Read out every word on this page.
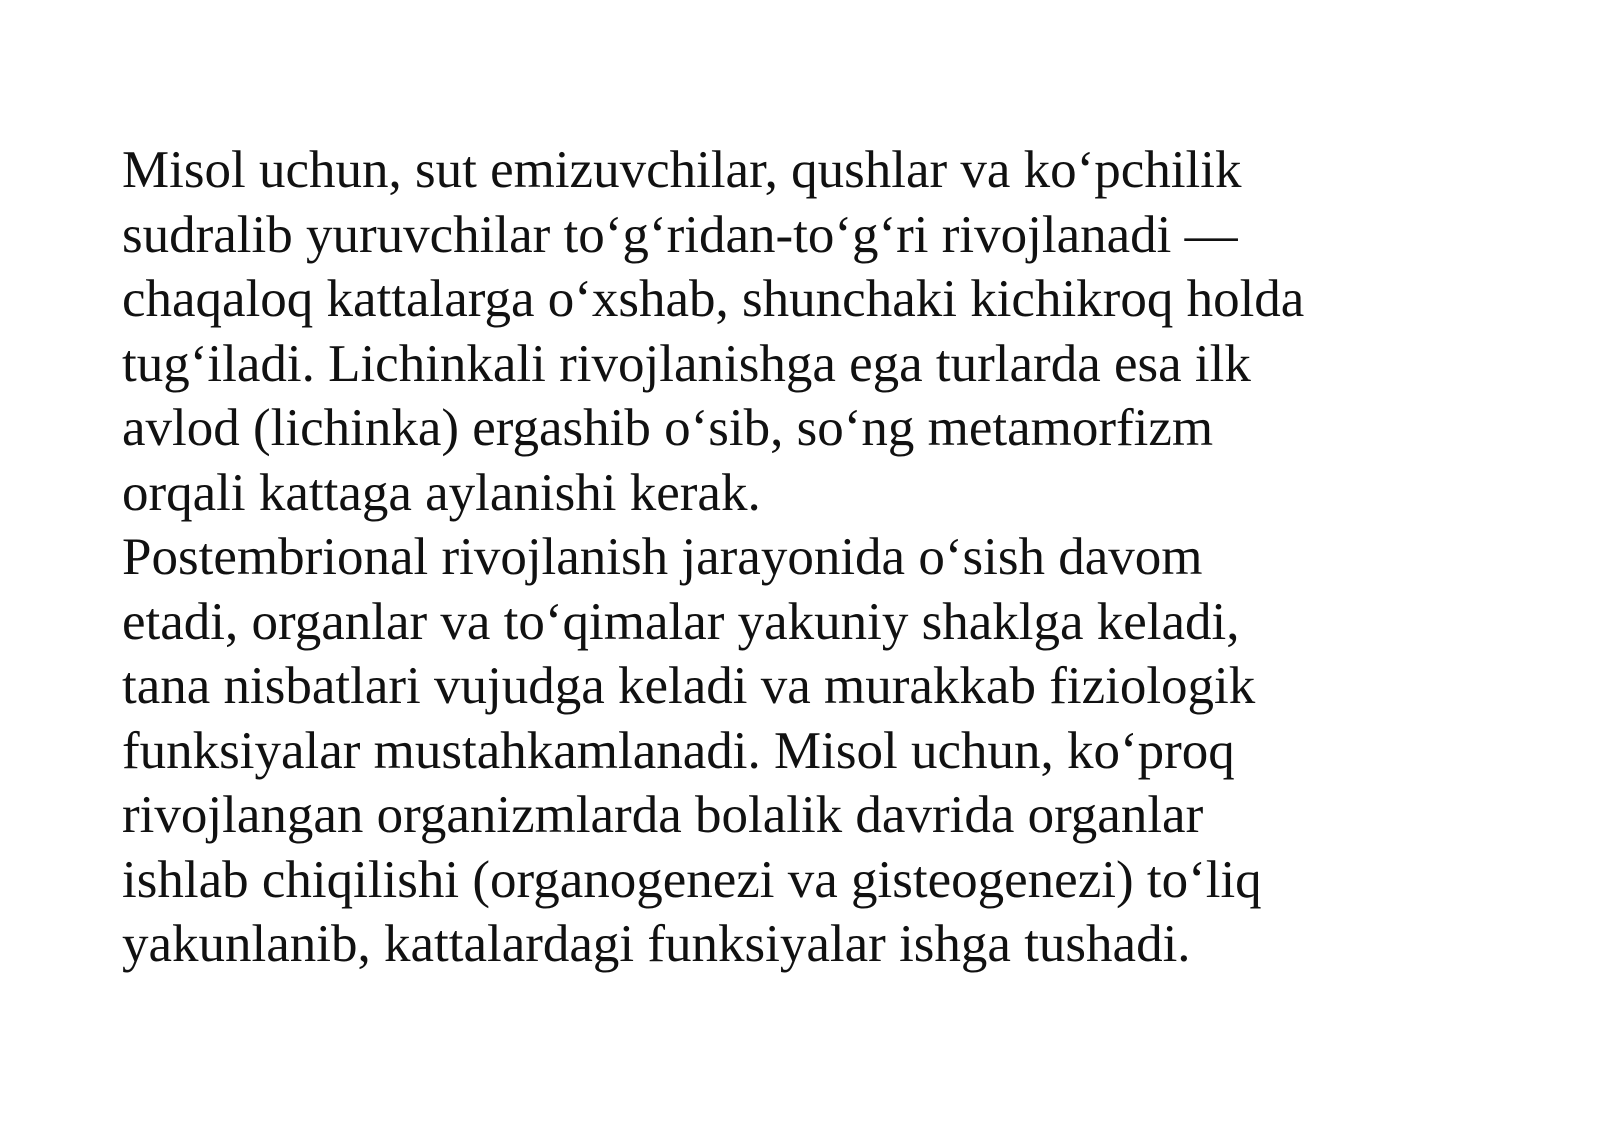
Misol uchun, sut emizuvchilar, qushlar va ko‘pchilik
sudralib yuruvchilar to‘g‘ridan-to‘g‘ri rivojlanadi —
chaqaloq kattalarga o‘xshab, shunchaki kichikroq holda
tug‘iladi. Lichinkali rivojlanishga ega turlarda esa ilk
avlod (lichinka) ergashib o‘sib, so‘ng metamorfizm
orqali kattaga aylanishi kerak.
Postembrional rivojlanish jarayonida o‘sish davom
etadi, organlar va to‘qimalar yakuniy shaklga keladi,
tana nisbatlari vujudga keladi va murakkab fiziologik
funksiyalar mustahkamlanadi. Misol uchun, ko‘proq
rivojlangan organizmlarda bolalik davrida organlar
ishlab chiqilishi (organogenezi va gisteogenezi) to‘liq
yakunlanib, kattalardagi funksiyalar ishga tushadi.
